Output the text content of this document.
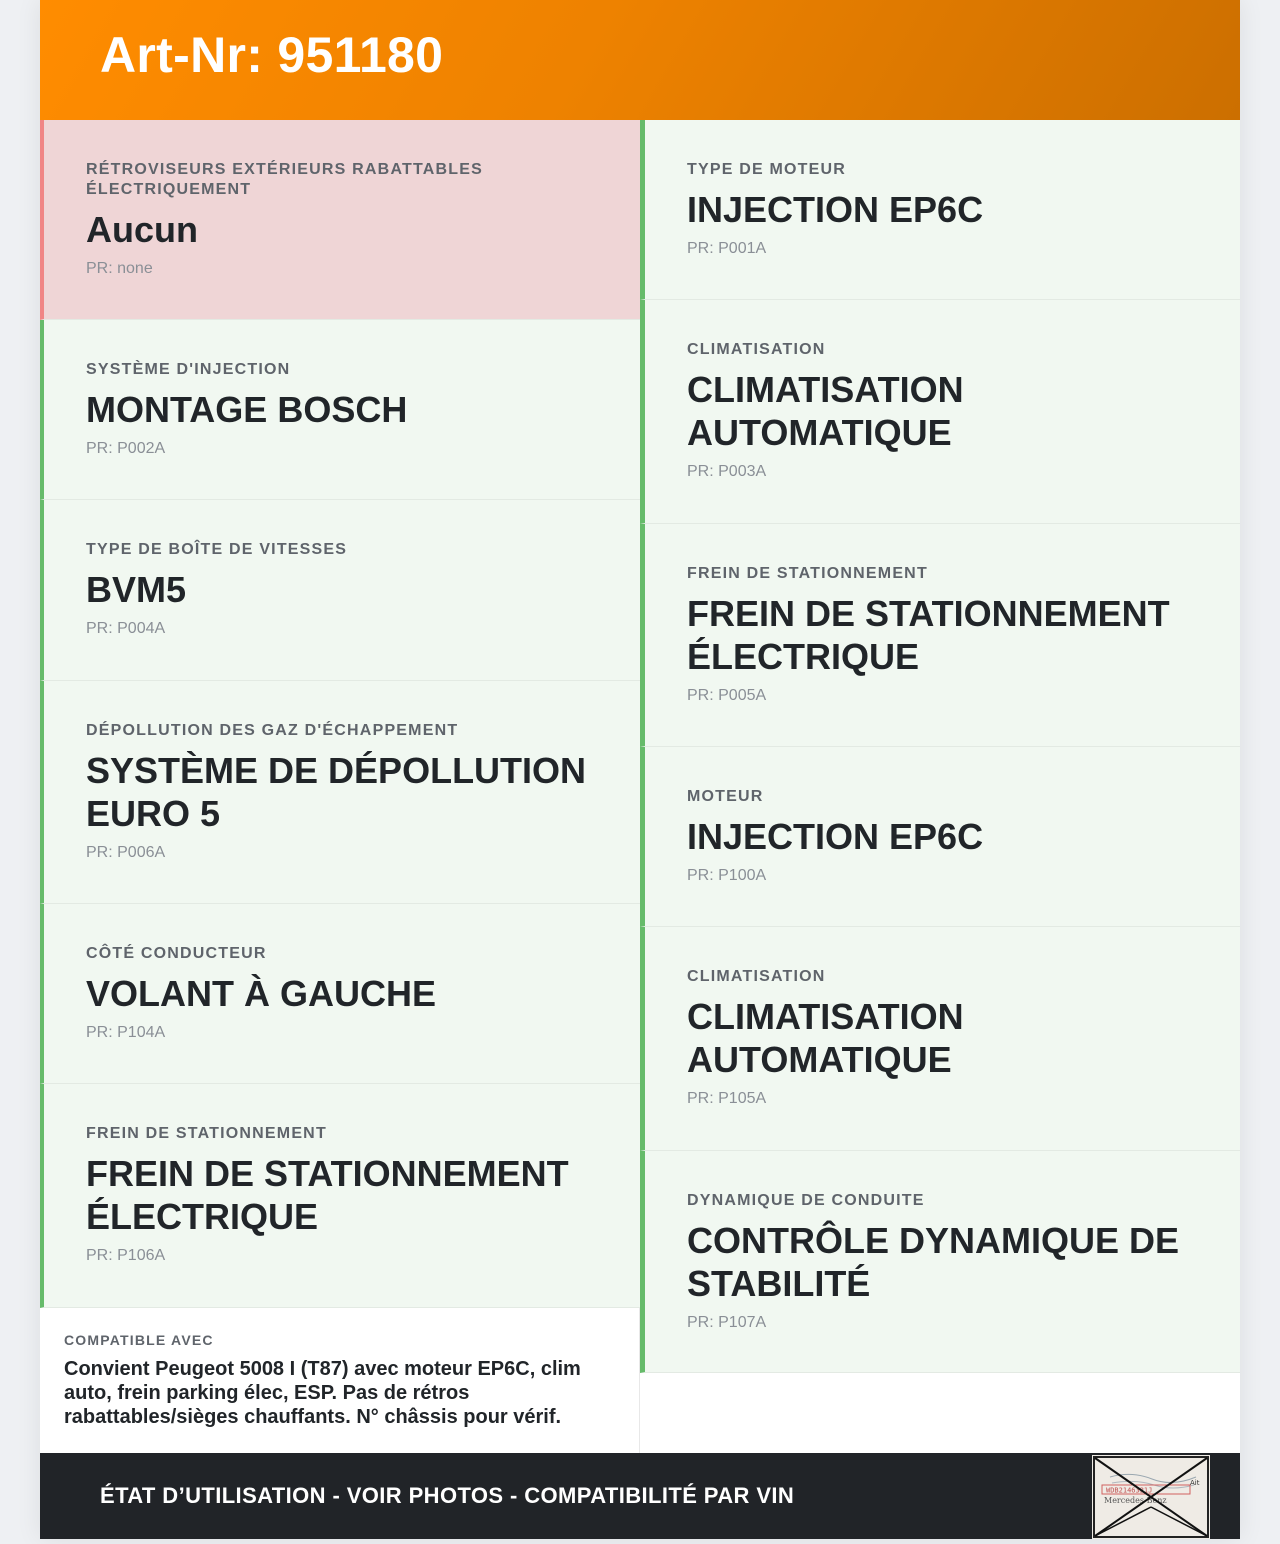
Art-Nr: 951180
RÉTROVISEURS EXTÉRIEURS RABATTABLES ÉLECTRIQUEMENT
Aucun
PR: none
SYSTÈME D'INJECTION
MONTAGE BOSCH
PR: P002A
TYPE DE BOÎTE DE VITESSES
BVM5
PR: P004A
DÉPOLLUTION DES GAZ D'ÉCHAPPEMENT
SYSTÈME DE DÉPOLLUTION EURO 5
PR: P006A
CÔTÉ CONDUCTEUR
VOLANT À GAUCHE
PR: P104A
FREIN DE STATIONNEMENT
FREIN DE STATIONNEMENT ÉLECTRIQUE
PR: P106A
TYPE DE MOTEUR
INJECTION EP6C
PR: P001A
CLIMATISATION
CLIMATISATION AUTOMATIQUE
PR: P003A
FREIN DE STATIONNEMENT
FREIN DE STATIONNEMENT ÉLECTRIQUE
PR: P005A
MOTEUR
INJECTION EP6C
PR: P100A
CLIMATISATION
CLIMATISATION AUTOMATIQUE
PR: P105A
DYNAMIQUE DE CONDUITE
CONTRÔLE DYNAMIQUE DE STABILITÉ
PR: P107A
COMPATIBLE AVEC
Convient Peugeot 5008 I (T87) avec moteur EP6C, clim auto, frein parking élec, ESP. Pas de rétros rabattables/sièges chauffants. N° châssis pour vérif.
ÉTAT D’UTILISATION - VOIR PHOTOS - COMPATIBILITÉ PAR VIN	WDB2146321J
Ait
Mercedes-Benz
